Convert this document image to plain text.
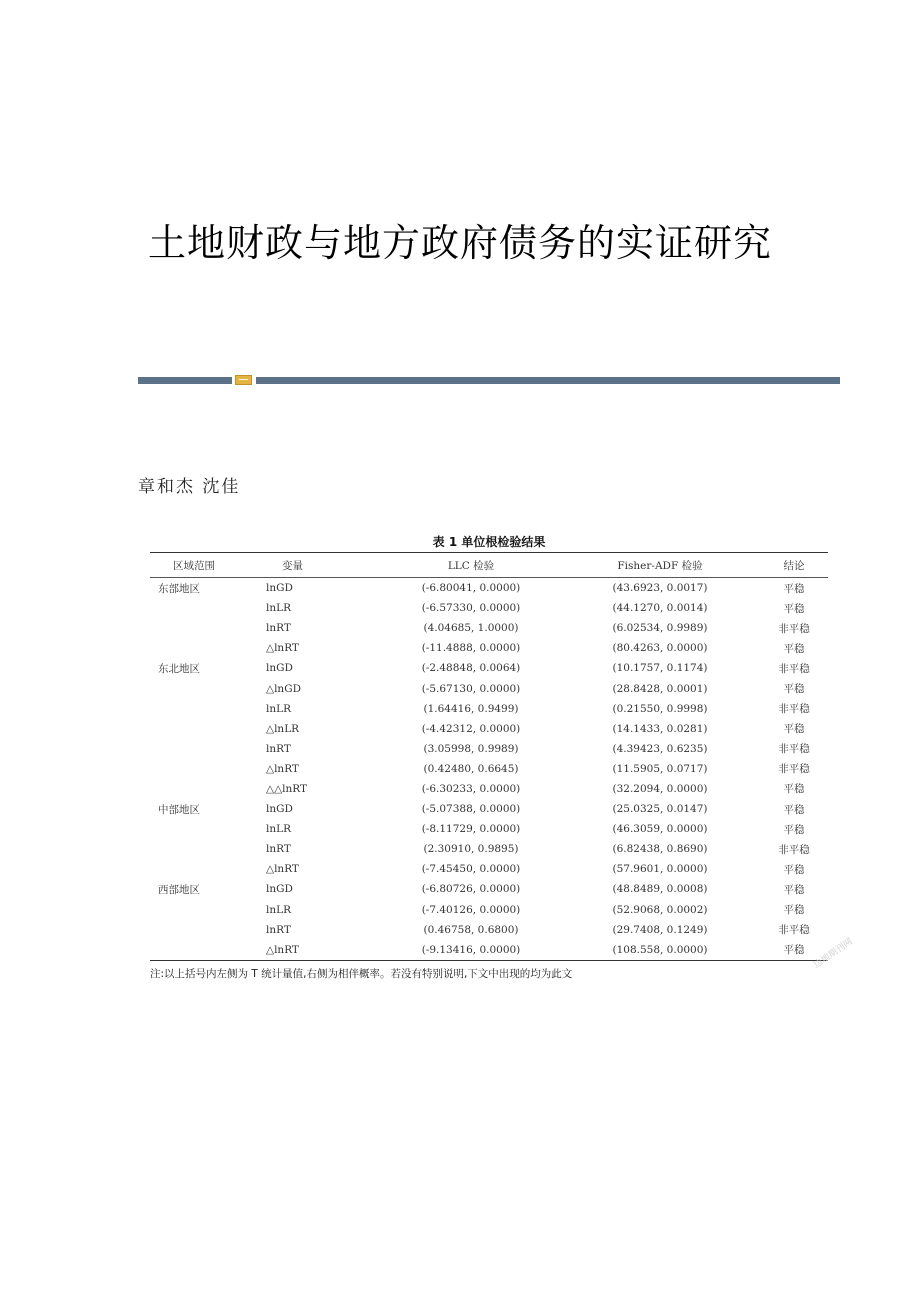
土地财政与地方政府债务的实证研究
章和杰 沈佳
表 1 单位根检验结果
区域范围	变量	LLC 检验	Fisher-ADF 检验	结论
东部地区	lnGD	(-6.80041, 0.0000)	(43.6923, 0.0017)	平稳
	lnLR	(-6.57330, 0.0000)	(44.1270, 0.0014)	平稳
	lnRT	(4.04685, 1.0000)	(6.02534, 0.9989)	非平稳
	△lnRT	(-11.4888, 0.0000)	(80.4263, 0.0000)	平稳
东北地区	lnGD	(-2.48848, 0.0064)	(10.1757, 0.1174)	非平稳
	△lnGD	(-5.67130, 0.0000)	(28.8428, 0.0001)	平稳
	lnLR	(1.64416, 0.9499)	(0.21550, 0.9998)	非平稳
	△lnLR	(-4.42312, 0.0000)	(14.1433, 0.0281)	平稳
	lnRT	(3.05998, 0.9989)	(4.39423, 0.6235)	非平稳
	△lnRT	(0.42480, 0.6645)	(11.5905, 0.0717)	非平稳
	△△lnRT	(-6.30233, 0.0000)	(32.2094, 0.0000)	平稳
中部地区	lnGD	(-5.07388, 0.0000)	(25.0325, 0.0147)	平稳
	lnLR	(-8.11729, 0.0000)	(46.3059, 0.0000)	平稳
	lnRT	(2.30910, 0.9895)	(6.82438, 0.8690)	非平稳
	△lnRT	(-7.45450, 0.0000)	(57.9601, 0.0000)	平稳
西部地区	lnGD	(-6.80726, 0.0000)	(48.8489, 0.0008)	平稳
	lnLR	(-7.40126, 0.0000)	(52.9068, 0.0002)	平稳
	lnRT	(0.46758, 0.6800)	(29.7408, 0.1249)	非平稳
	△lnRT	(-9.13416, 0.0000)	(108.558, 0.0000)	平稳
注:以上括号内左侧为 T 统计量值,右侧为相伴概率。若没有特别说明,下文中出现的均为此文
边地期刊网
